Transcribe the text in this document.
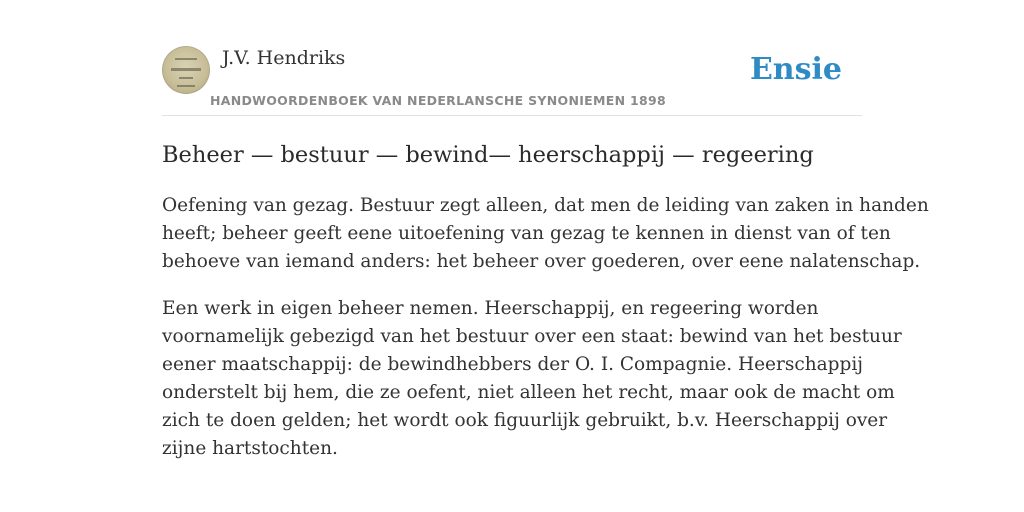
J.V. Hendriks
HANDWOORDENBOEK VAN NEDERLANSCHE SYNONIEMEN 1898
Ensie
Beheer — bestuur — bewind— heerschappij — regeering

Oefening van gezag. Bestuur zegt alleen, dat men de leiding van zaken in handen
heeft; beheer geeft eene uitoefening van gezag te kennen in dienst van of ten
behoeve van iemand anders: het beheer over goederen, over eene nalatenschap.

Een werk in eigen beheer nemen. Heerschappij, en regeering worden
voornamelijk gebezigd van het bestuur over een staat: bewind van het bestuur
eener maatschappij: de bewindhebbers der O. I. Compagnie. Heerschappij
onderstelt bij hem, die ze oefent, niet alleen het recht, maar ook de macht om
zich te doen gelden; het wordt ook figuurlijk gebruikt, b.v. Heerschappij over
zijne hartstochten.
